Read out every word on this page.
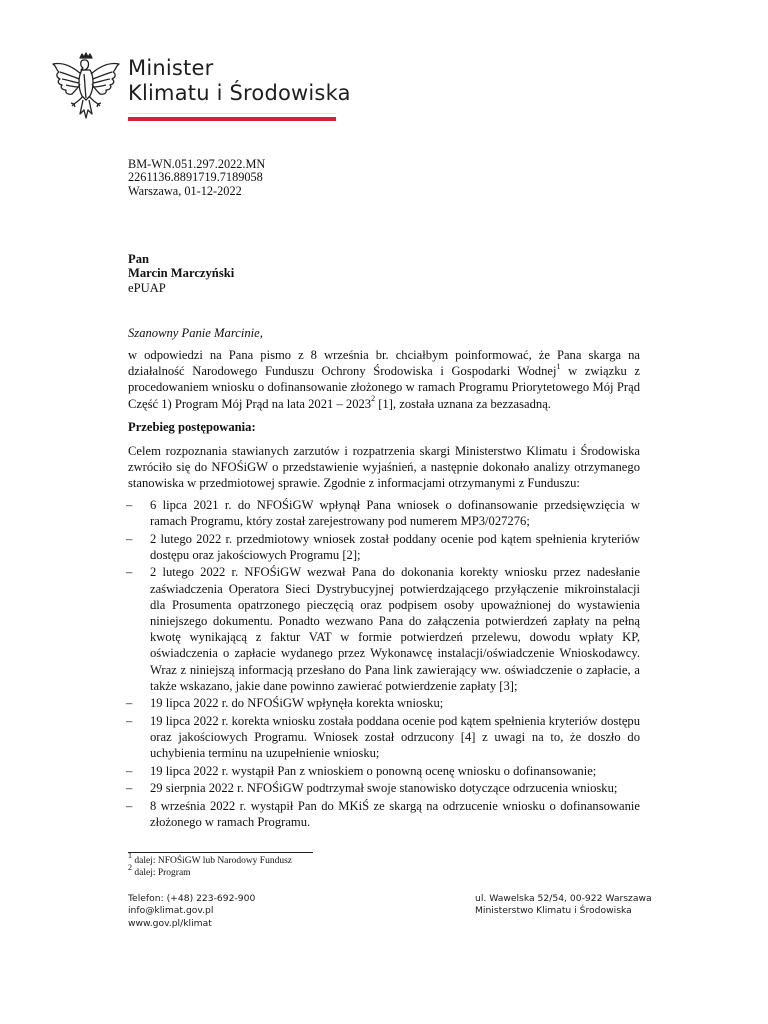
Minister
Klimatu i Środowiska
BM-WN.051.297.2022.MN
2261136.8891719.7189058
Warszawa, 01-12-2022
Pan
Marcin Marczyński
ePUAP
Szanowny Panie Marcinie,
w odpowiedzi na Pana pismo z 8 września br. chciałbym poinformować, że Pana skarga na działalność Narodowego Funduszu Ochrony Środowiska i Gospodarki Wodnej$^1$ w związku z procedowaniem wniosku o dofinansowanie złożonego w ramach Programu Priorytetowego Mój Prąd Część 1) Program Mój Prąd na lata 2021 – 2023$^2$ [1], została uznana za bezzasadną.
Przebieg postępowania:
Celem rozpoznania stawianych zarzutów i rozpatrzenia skargi Ministerstwo Klimatu i Środowiska zwróciło się do NFOŚiGW o przedstawienie wyjaśnień, a następnie dokonało analizy otrzymanego stanowiska w przedmiotowej sprawie. Zgodnie z informacjami otrzymanymi z Funduszu:
– 6 lipca 2021 r. do NFOŚiGW wpłynął Pana wniosek o dofinansowanie przedsięwzięcia w ramach Programu, który został zarejestrowany pod numerem MP3/027276;
– 2 lutego 2022 r. przedmiotowy wniosek został poddany ocenie pod kątem spełnienia kryteriów dostępu oraz jakościowych Programu [2];
– 2 lutego 2022 r. NFOŚiGW wezwał Pana do dokonania korekty wniosku przez nadesłanie zaświadczenia Operatora Sieci Dystrybucyjnej potwierdzającego przyłączenie mikroinstalacji dla Prosumenta opatrzonego pieczęcią oraz podpisem osoby upoważnionej do wystawienia niniejszego dokumentu. Ponadto wezwano Pana do załączenia potwierdzeń zapłaty na pełną kwotę wynikającą z faktur VAT w formie potwierdzeń przelewu, dowodu wpłaty KP, oświadczenia o zapłacie wydanego przez Wykonawcę instalacji/oświadczenie Wnioskodawcy. Wraz z niniejszą informacją przesłano do Pana link zawierający ww. oświadczenie o zapłacie, a także wskazano, jakie dane powinno zawierać potwierdzenie zapłaty [3];
– 19 lipca 2022 r. do NFOŚiGW wpłynęła korekta wniosku;
– 19 lipca 2022 r. korekta wniosku została poddana ocenie pod kątem spełnienia kryteriów dostępu oraz jakościowych Programu. Wniosek został odrzucony [4] z uwagi na to, że doszło do uchybienia terminu na uzupełnienie wniosku;
– 19 lipca 2022 r. wystąpił Pan z wnioskiem o ponowną ocenę wniosku o dofinansowanie;
– 29 sierpnia 2022 r. NFOŚiGW podtrzymał swoje stanowisko dotyczące odrzucenia wniosku;
– 8 września 2022 r. wystąpił Pan do MKiŚ ze skargą na odrzucenie wniosku o dofinansowanie złożonego w ramach Programu.
$^1$ dalej: NFOŚiGW lub Narodowy Fundusz
$^2$ dalej: Program
Telefon: (+48) 223-692-900
info@klimat.gov.pl
www.gov.pl/klimat
ul. Wawelska 52/54, 00-922 Warszawa
Ministerstwo Klimatu i Środowiska
